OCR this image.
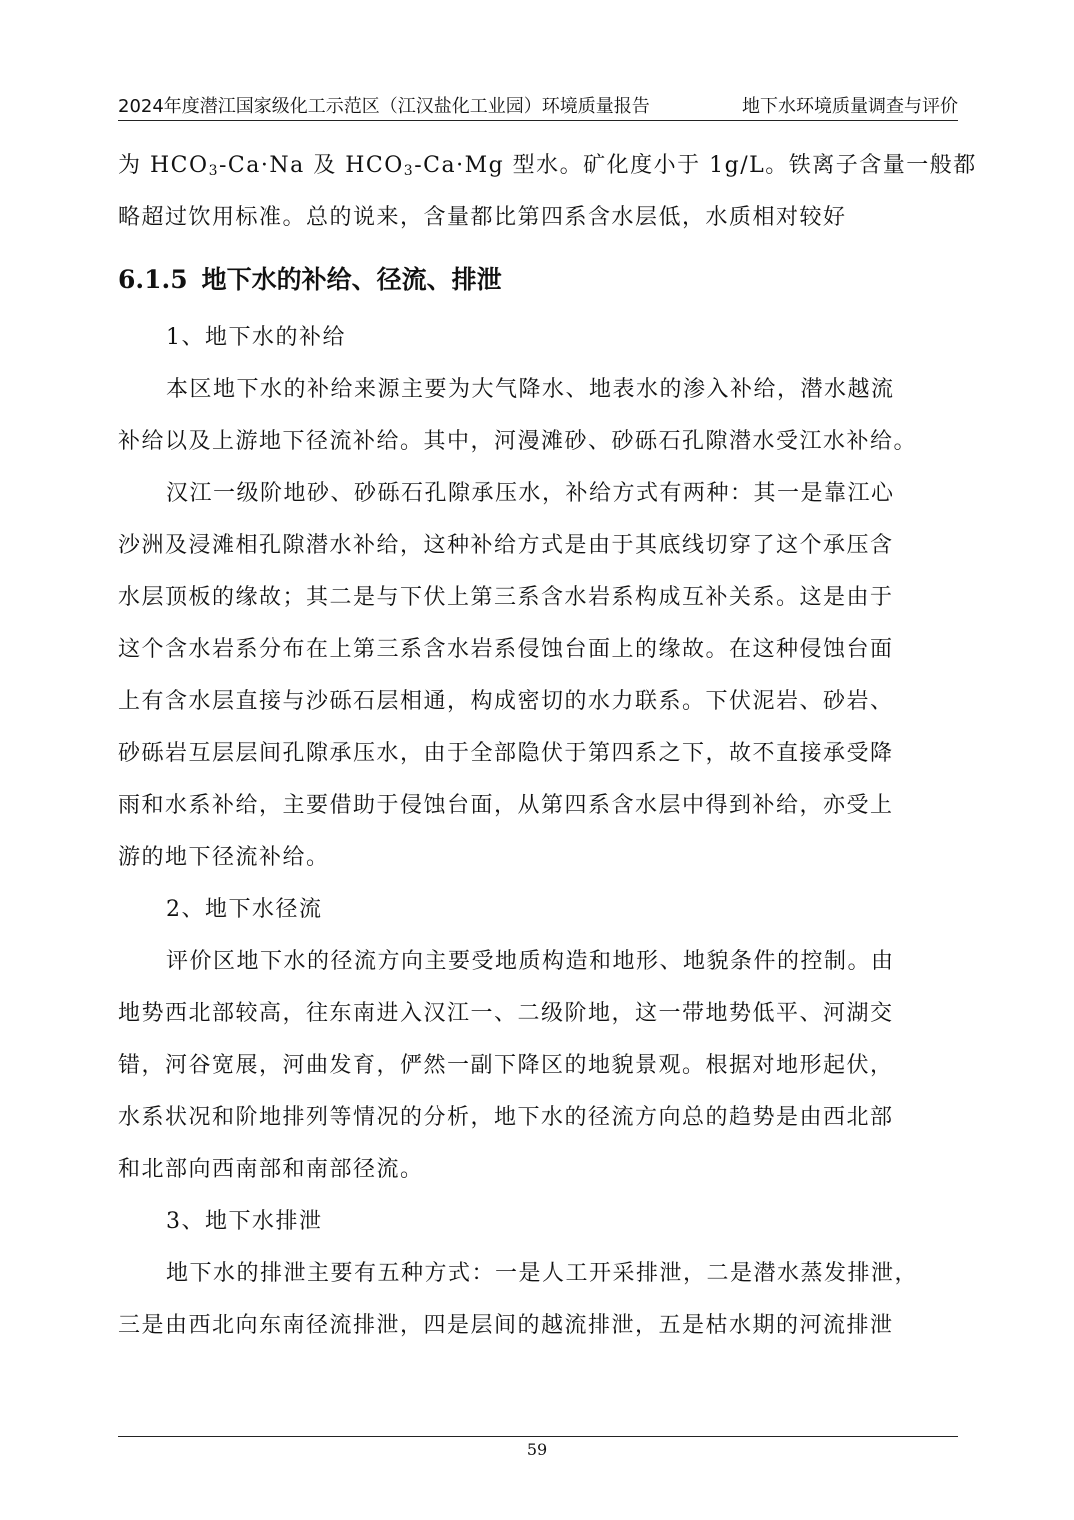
2024年度潜江国家级化工示范区（江汉盐化工业园）环境质量报告	地下水环境质量调查与评价

为 $HCO_3-Ca\cdot Na$ 及 $HCO_3-Ca\cdot Mg$ 型水。矿化度小于 1g/L。铁离子含量一般都

略超过饮用标准。总的说来，含量都比第四系含水层低，水质相对较好

6.1.5 地下水的补给、径流、排泄

1、地下水的补给

本区地下水的补给来源主要为大气降水、地表水的渗入补给，潜水越流

补给以及上游地下径流补给。其中，河漫滩砂、砂砾石孔隙潜水受江水补给。

汉江一级阶地砂、砂砾石孔隙承压水，补给方式有两种：其一是靠江心

沙洲及浸滩相孔隙潜水补给，这种补给方式是由于其底线切穿了这个承压含

水层顶板的缘故；其二是与下伏上第三系含水岩系构成互补关系。这是由于

这个含水岩系分布在上第三系含水岩系侵蚀台面上的缘故。在这种侵蚀台面

上有含水层直接与沙砾石层相通，构成密切的水力联系。下伏泥岩、砂岩、

砂砾岩互层层间孔隙承压水，由于全部隐伏于第四系之下，故不直接承受降

雨和水系补给，主要借助于侵蚀台面，从第四系含水层中得到补给，亦受上

游的地下径流补给。

2、地下水径流

评价区地下水的径流方向主要受地质构造和地形、地貌条件的控制。由

地势西北部较高，往东南进入汉江一、二级阶地，这一带地势低平、河湖交

错，河谷宽展，河曲发育，俨然一副下降区的地貌景观。根据对地形起伏，

水系状况和阶地排列等情况的分析，地下水的径流方向总的趋势是由西北部

和北部向西南部和南部径流。

3、地下水排泄

地下水的排泄主要有五种方式：一是人工开采排泄，二是潜水蒸发排泄，

三是由西北向东南径流排泄，四是层间的越流排泄，五是枯水期的河流排泄

59
